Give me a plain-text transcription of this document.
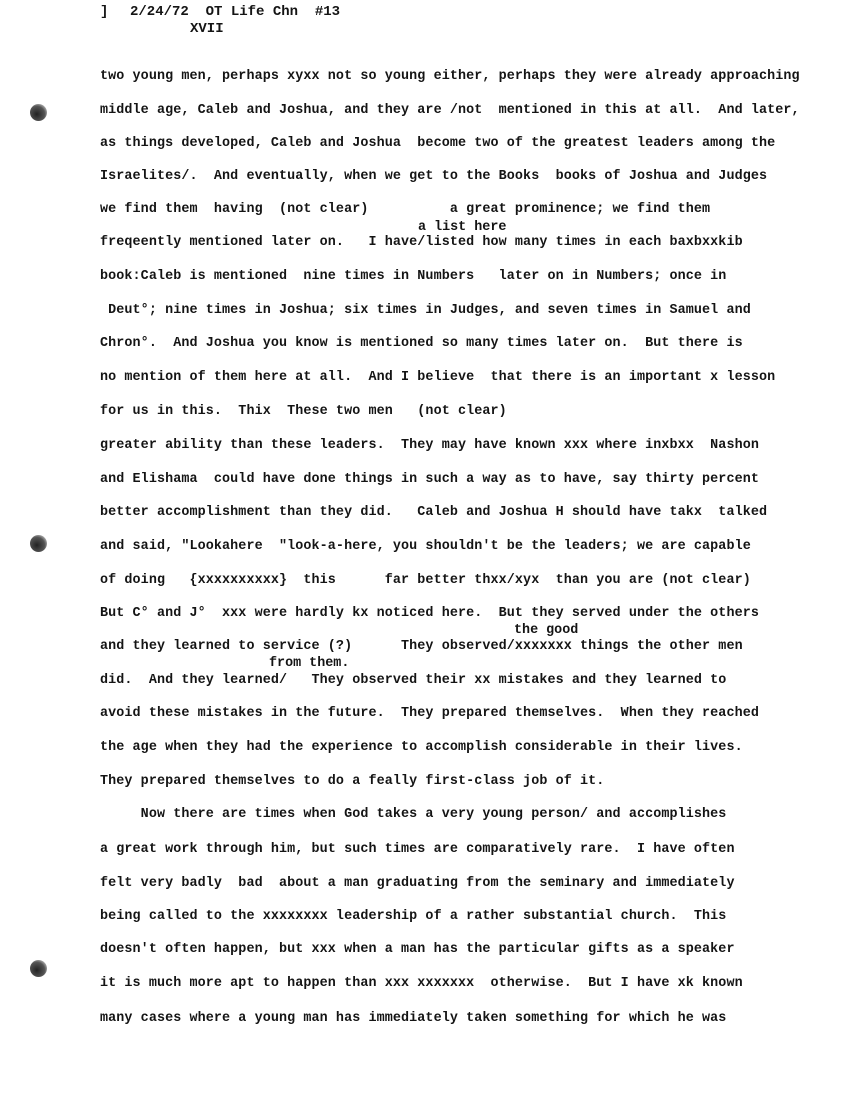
] 2/24/72  OT Life Chn  #13
XVII
a list here
the good
from them.
two young men, perhaps xyxx not so young either, perhaps they were already approaching
middle age, Caleb and Joshua, and they are /not  mentioned in this at all.  And later,
as things developed, Caleb and Joshua  become two of the greatest leaders among the
Israelites/.  And eventually, when we get to the Books  books of Joshua and Judges
we find them  having  (not clear)          a great prominence; we find them
freqeently mentioned later on.   I have/listed how many times in each baxbxxkib
book:Caleb is mentioned  nine times in Numbers   later on in Numbers; once in
Deut°; nine times in Joshua; six times in Judges, and seven times in Samuel and
Chron°.  And Joshua you know is mentioned so many times later on.  But there is
no mention of them here at all.  And I believe  that there is an important x lesson
for us in this.  Thix  These two men   (not clear)
greater ability than these leaders.  They may have known xxx where inxbxx  Nashon
and Elishama  could have done things in such a way as to have, say thirty percent
better accomplishment than they did.   Caleb and Joshua H should have takx  talked
and said, "Lookahere  "look-a-here, you shouldn't be the leaders; we are capable
of doing   {xxxxxxxxxx}  this      far better thxx/xyx  than you are (not clear)
But C° and J°  xxx were hardly kx noticed here.  But they served under the others
and they learned to service (?)      They observed/xxxxxxx things the other men
did.  And they learned/   They observed their xx mistakes and they learned to
avoid these mistakes in the future.  They prepared themselves.  When they reached
the age when they had the experience to accomplish considerable in their lives.
They prepared themselves to do a feally first-class job of it.
Now there are times when God takes a very young person/ and accomplishes
a great work through him, but such times are comparatively rare.  I have often
felt very badly  bad  about a man graduating from the seminary and immediately
being called to the xxxxxxxx leadership of a rather substantial church.  This
doesn't often happen, but xxx when a man has the particular gifts as a speaker
it is much more apt to happen than xxx xxxxxxx  otherwise.  But I have xk known
many cases where a young man has immediately taken something for which he was
